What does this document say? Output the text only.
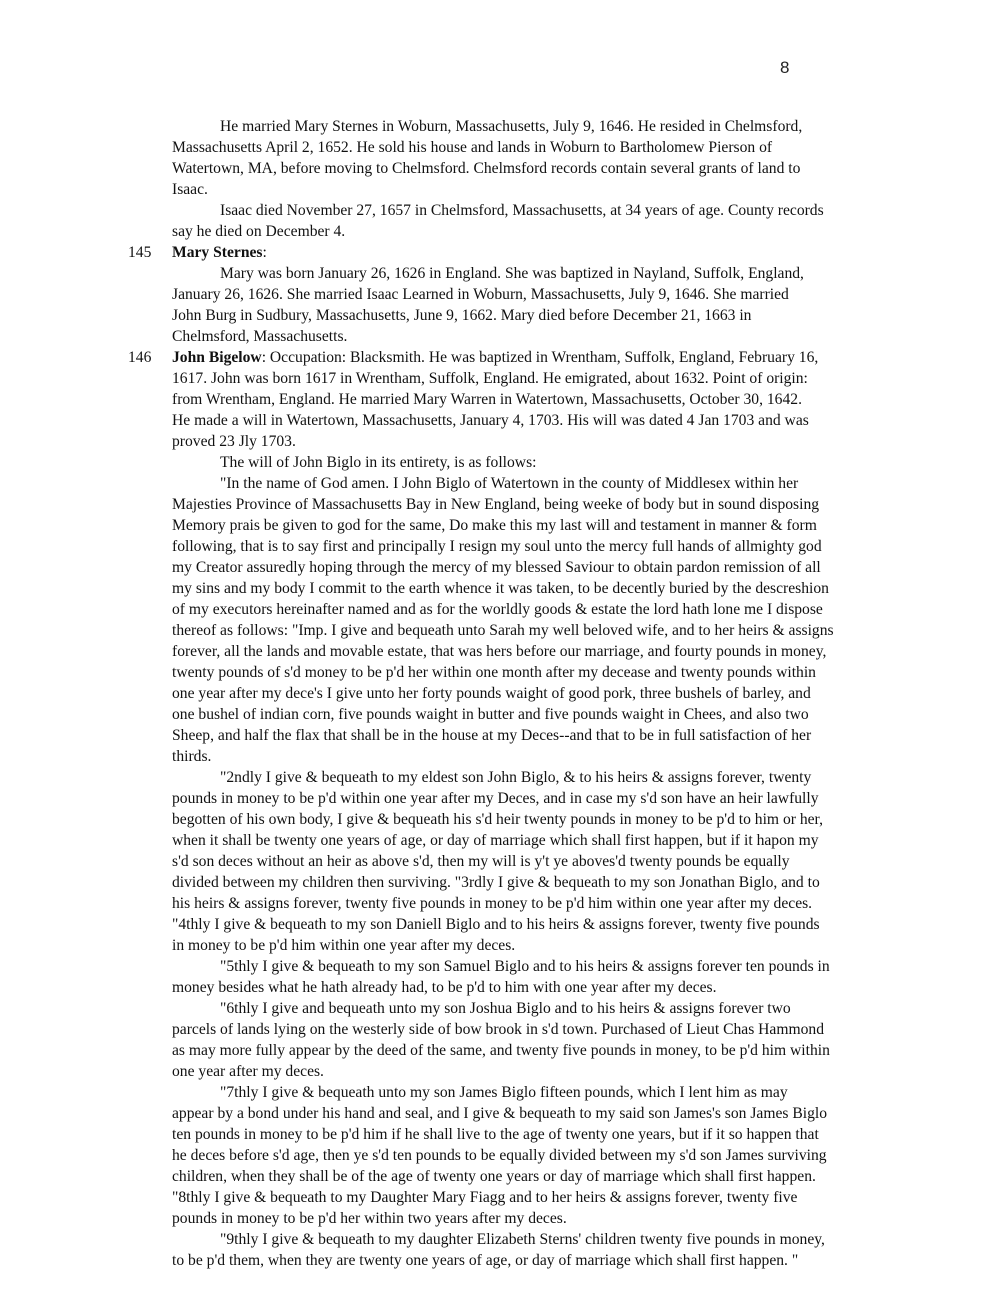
8
He married Mary Sternes in Woburn, Massachusetts, July 9, 1646. He resided in Chelmsford,
Massachusetts April 2, 1652. He sold his house and lands in Woburn to Bartholomew Pierson of
Watertown, MA, before moving to Chelmsford. Chelmsford records contain several grants of land to
Isaac.
Isaac died November 27, 1657 in Chelmsford, Massachusetts, at 34 years of age. County records
say he died on December 4.
145 Mary Sternes:
Mary was born January 26, 1626 in England. She was baptized in Nayland, Suffolk, England,
January 26, 1626. She married Isaac Learned in Woburn, Massachusetts, July 9, 1646. She married
John Burg in Sudbury, Massachusetts, June 9, 1662. Mary died before December 21, 1663 in
Chelmsford, Massachusetts.
146 John Bigelow: Occupation: Blacksmith. He was baptized in Wrentham, Suffolk, England, February 16,
1617. John was born 1617 in Wrentham, Suffolk, England. He emigrated, about 1632. Point of origin:
from Wrentham, England. He married Mary Warren in Watertown, Massachusetts, October 30, 1642.
He made a will in Watertown, Massachusetts, January 4, 1703. His will was dated 4 Jan 1703 and was
proved 23 Jly 1703.
The will of John Biglo in its entirety, is as follows:
"In the name of God amen. I John Biglo of Watertown in the county of Middlesex within her
Majesties Province of Massachusetts Bay in New England, being weeke of body but in sound disposing
Memory prais be given to god for the same, Do make this my last will and testament in manner & form
following, that is to say first and principally I resign my soul unto the mercy full hands of allmighty god
my Creator assuredly hoping through the mercy of my blessed Saviour to obtain pardon remission of all
my sins and my body I commit to the earth whence it was taken, to be decently buried by the descreshion
of my executors hereinafter named and as for the worldly goods & estate the lord hath lone me I dispose
thereof as follows: "Imp. I give and bequeath unto Sarah my well beloved wife, and to her heirs & assigns
forever, all the lands and movable estate, that was hers before our marriage, and fourty pounds in money,
twenty pounds of s'd money to be p'd her within one month after my decease and twenty pounds within
one year after my dece's I give unto her forty pounds waight of good pork, three bushels of barley, and
one bushel of indian corn, five pounds waight in butter and five pounds waight in Chees, and also two
Sheep, and half the flax that shall be in the house at my Deces--and that to be in full satisfaction of her
thirds.
"2ndly I give & bequeath to my eldest son John Biglo, & to his heirs & assigns forever, twenty
pounds in money to be p'd within one year after my Deces, and in case my s'd son have an heir lawfully
begotten of his own body, I give & bequeath his s'd heir twenty pounds in money to be p'd to him or her,
when it shall be twenty one years of age, or day of marriage which shall first happen, but if it hapon my
s'd son deces without an heir as above s'd, then my will is y't ye aboves'd twenty pounds be equally
divided between my children then surviving. "3rdly I give & bequeath to my son Jonathan Biglo, and to
his heirs & assigns forever, twenty five pounds in money to be p'd him within one year after my deces.
"4thly I give & bequeath to my son Daniell Biglo and to his heirs & assigns forever, twenty five pounds
in money to be p'd him within one year after my deces.
"5thly I give & bequeath to my son Samuel Biglo and to his heirs & assigns forever ten pounds in
money besides what he hath already had, to be p'd to him with one year after my deces.
"6thly I give and bequeath unto my son Joshua Biglo and to his heirs & assigns forever two
parcels of lands lying on the westerly side of bow brook in s'd town. Purchased of Lieut Chas Hammond
as may more fully appear by the deed of the same, and twenty five pounds in money, to be p'd him within
one year after my deces.
"7thly I give & bequeath unto my son James Biglo fifteen pounds, which I lent him as may
appear by a bond under his hand and seal, and I give & bequeath to my said son James's son James Biglo
ten pounds in money to be p'd him if he shall live to the age of twenty one years, but if it so happen that
he deces before s'd age, then ye s'd ten pounds to be equally divided between my s'd son James surviving
children, when they shall be of the age of twenty one years or day of marriage which shall first happen.
"8thly I give & bequeath to my Daughter Mary Fiagg and to her heirs & assigns forever, twenty five
pounds in money to be p'd her within two years after my deces.
"9thly I give & bequeath to my daughter Elizabeth Sterns' children twenty five pounds in money,
to be p'd them, when they are twenty one years of age, or day of marriage which shall first happen. "
